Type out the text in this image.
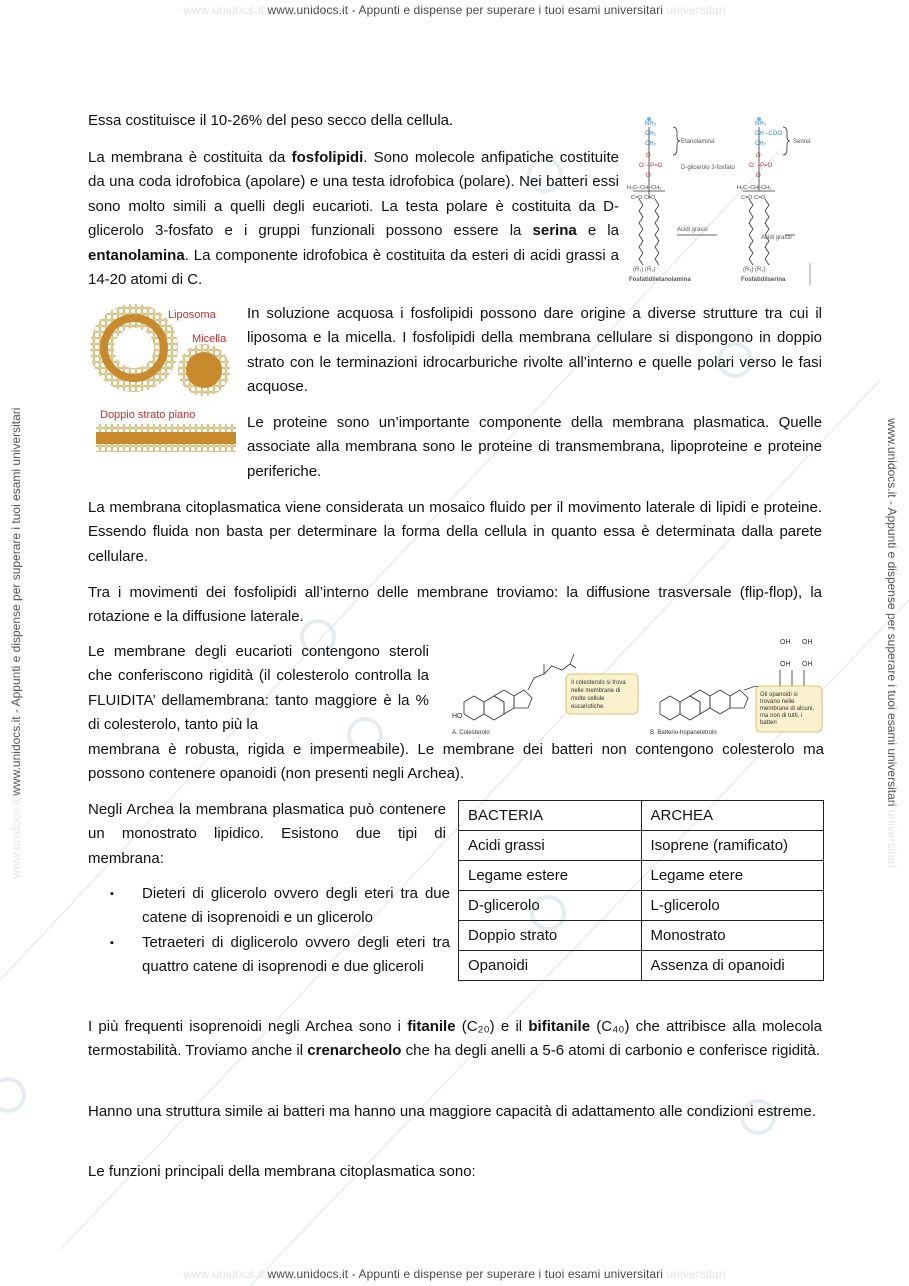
www.unidocs.it www.unidocs.it - Appunti e dispense per superare i tuoi esami universitari universitari
www.unidocs.it www.unidocs.it - Appunti e dispense per superare i tuoi esami universitari universitari
www.unidocs.it www.unidocs.it - Appunti e dispense per superare i tuoi esami universitari	www.unidocs.it - Appunti e dispense per superare i tuoi esami universitari universitari

Essa costituisce il 10-26% del peso secco della cellula.

La membrana è costituita da fosfolipidi. Sono molecole anfipatiche costituite da una coda idrofobica (apolare) e una testa idrofobica (polare). Nei batteri essi sono molto simili a quelli degli eucarioti. La testa polare è costituita da D-glicerolo 3-fosfato e i gruppi funzionali possono essere la serina e la entanolamina. La componente idrofobica è costituita da esteri di acidi grassi a 14-20 atomi di C.

NH₃
CH₂
CH₂
NH₃
CH
CH₂
–COO⁻
O
O⁻–P=O
O
O
O⁻–P=O
O
H₂C–CH–CH₂	H₂C–CH–CH₂
C=O C=O	C=O C=O
Etanolamina
D-glicerolo 3-fosfato
Serina
Acidi grassi
Acidi grassi
(R₁) (R₂)	(R₁) (R₂)
Fosfatidiletanolamina	Fosfatidilserina
Liposoma
Micella
Doppio strato piano

In soluzione acquosa i fosfolipidi possono dare origine a diverse strutture tra cui il liposoma e la micella. I fosfolipidi della membrana cellulare si dispongono in doppio strato con le terminazioni idrocarburiche rivolte all’interno e quelle polari verso le fasi acquose.

Le proteine sono un’importante componente della membrana plasmatica. Quelle associate alla membrana sono le proteine di transmembrana, lipoproteine e proteine periferiche.

La membrana citoplasmatica viene considerata un mosaico fluido per il movimento laterale di lipidi e proteine. Essendo fluida non basta per determinare la forma della cellula in quanto essa è determinata dalla parete cellulare.

Tra i movimenti dei fosfolipidi all’interno delle membrane troviamo: la diffusione trasversale (flip-flop), la rotazione e la diffusione laterale.

Le membrane degli eucarioti contengono steroli che conferiscono rigidità (il colesterolo controlla la FLUIDITA’ dellamembrana: tanto maggiore è la % di colesterolo, tanto più la	HO
OH OH
OH OH
Il colesterolo si trova nelle membrane di molte cellule eucariotiche
Gli opanoidi si trovano nelle membrane di alcuni, ma non di tutti, i batteri
A. Colesterolo	B. Batterio-hopanetetrolo

membrana è robusta, rigida e impermeabile). Le membrane dei batteri non contengono colesterolo ma possono contenere opanoidi (non presenti negli Archea).

Negli Archea la membrana plasmatica può contenere un monostrato lipidico. Esistono due tipi di membrana:

▪ Dieteri di glicerolo ovvero degli eteri tra due catene di isoprenoidi e un glicerolo
▪ Tetraeteri di diglicerolo ovvero degli eteri tra quattro catene di isoprenodi e due gliceroli
BACTERIA	ARCHEA
Acidi grassi	Isoprene (ramificato)
Legame estere	Legame etere
D-glicerolo	L-glicerolo
Doppio strato	Monostrato
Opanoidi	Assenza di opanoidi

I più frequenti isoprenoidi negli Archea sono i fitanile (C₂₀) e il bifitanile (C₄₀) che attribisce alla molecola termostabilità. Troviamo anche il crenarcheolo che ha degli anelli a 5-6 atomi di carbonio e conferisce rigidità.

Hanno una struttura simile ai batteri ma hanno una maggiore capacità di adattamento alle condizioni estreme.

Le funzioni principali della membrana citoplasmatica sono:
